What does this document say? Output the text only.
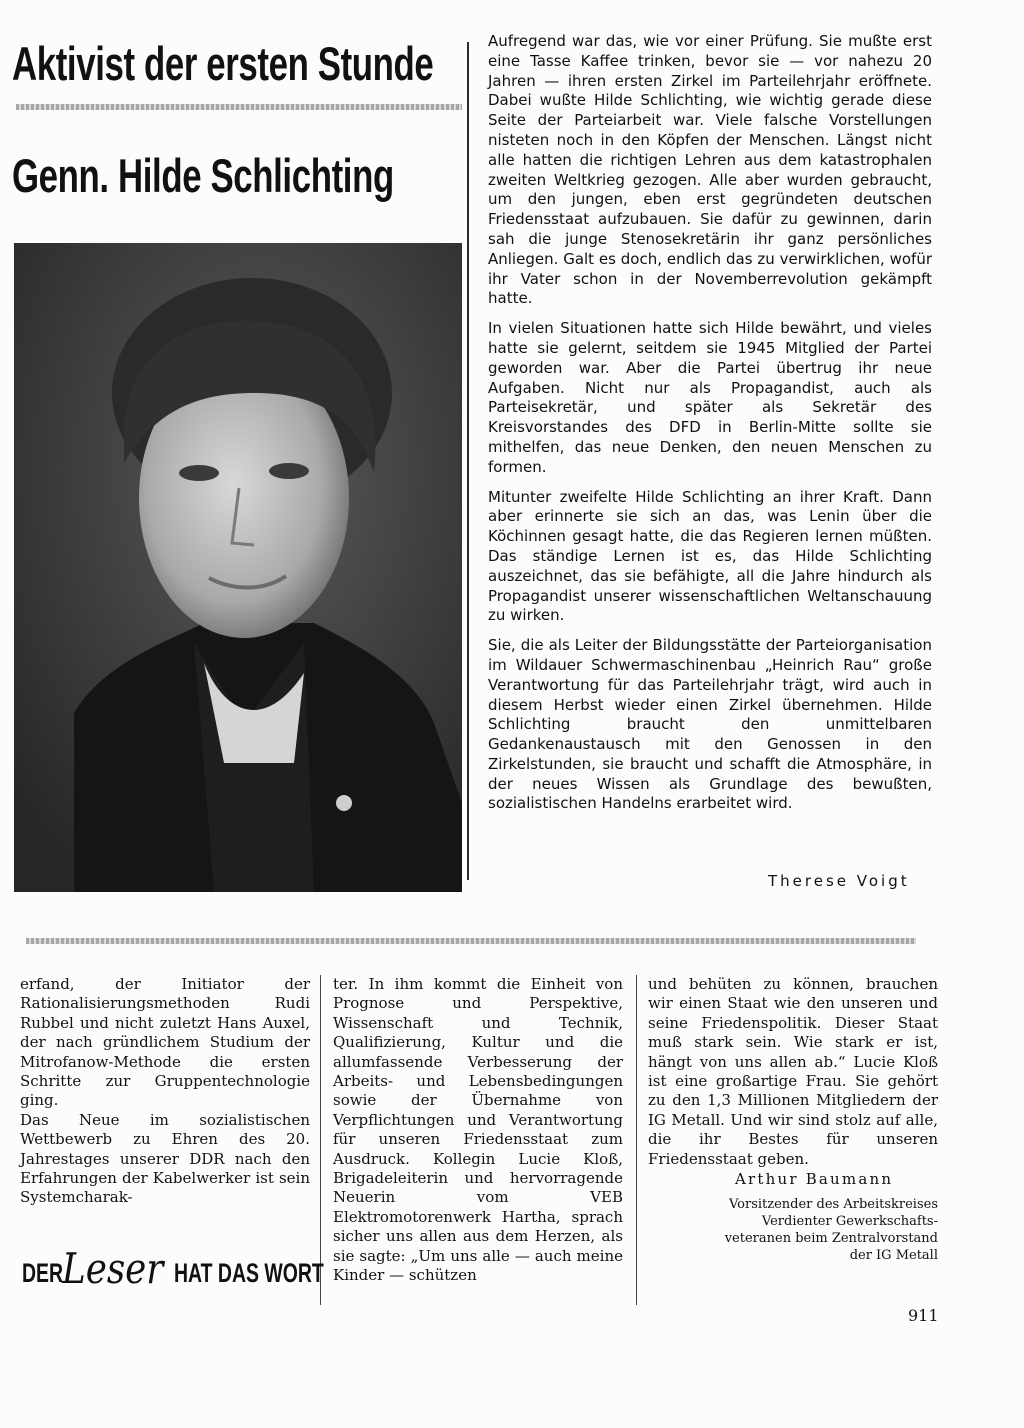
Aktivist der ersten Stunde
Genn. Hilde Schlichting

Aufregend war das, wie vor einer Prüfung. Sie mußte erst eine Tasse Kaffee trinken, bevor sie — vor nahezu 20 Jahren — ihren ersten Zirkel im Parteilehrjahr eröffnete. Dabei wußte Hilde Schlichting, wie wichtig gerade diese Seite der Parteiarbeit war. Viele falsche Vorstellungen nisteten noch in den Köpfen der Menschen. Längst nicht alle hatten die richtigen Lehren aus dem katastrophalen zweiten Weltkrieg gezogen. Alle aber wurden gebraucht, um den jungen, eben erst gegründeten deutschen Friedensstaat aufzubauen. Sie dafür zu gewinnen, darin sah die junge Stenosekretärin ihr ganz persönliches Anliegen. Galt es doch, endlich das zu verwirklichen, wofür ihr Vater schon in der Novemberrevolution gekämpft hatte.

In vielen Situationen hatte sich Hilde bewährt, und vieles hatte sie gelernt, seitdem sie 1945 Mitglied der Partei geworden war. Aber die Partei übertrug ihr neue Aufgaben. Nicht nur als Propagandist, auch als Parteisekretär, und später als Sekretär des Kreisvorstandes des DFD in Berlin-Mitte sollte sie mithelfen, das neue Denken, den neuen Menschen zu formen.

Mitunter zweifelte Hilde Schlichting an ihrer Kraft. Dann aber erinnerte sie sich an das, was Lenin über die Köchinnen gesagt hatte, die das Regieren lernen müßten. Das ständige Lernen ist es, das Hilde Schlichting auszeichnet, das sie befähigte, all die Jahre hindurch als Propagandist unserer wissenschaftlichen Weltanschauung zu wirken.

Sie, die als Leiter der Bildungsstätte der Parteiorganisation im Wildauer Schwermaschinenbau „Heinrich Rau“ große Verantwortung für das Parteilehrjahr trägt, wird auch in diesem Herbst wieder einen Zirkel übernehmen. Hilde Schlichting braucht den unmittelbaren Gedankenaustausch mit den Genossen in den Zirkelstunden, sie braucht und schafft die Atmosphäre, in der neues Wissen als Grundlage des bewußten, sozialistischen Handelns erarbeitet wird.

Therese Voigt

erfand, der Initiator der Rationalisierungsmethoden Rudi Rubbel und nicht zuletzt Hans Auxel, der nach gründlichem Studium der Mitrofanow-Methode die ersten Schritte zur Gruppentechnologie ging.

Das Neue im sozialistischen Wettbewerb zu Ehren des 20. Jahrestages unserer DDR nach den Erfahrungen der Kabelwerker ist sein Systemcharak-

ter. In ihm kommt die Einheit von Prognose und Perspektive, Wissenschaft und Technik, Qualifizierung, Kultur und die allumfassende Verbesserung der Arbeits- und Lebensbedingungen sowie der Übernahme von Verpflichtungen und Verantwortung für unseren Friedensstaat zum Ausdruck. Kollegin Lucie Kloß, Brigadeleiterin und hervorragende Neuerin vom VEB Elektromotorenwerk Hartha, sprach sicher uns allen aus dem Herzen, als sie sagte: „Um uns alle — auch meine Kinder — schützen

und behüten zu können, brauchen wir einen Staat wie den unseren und seine Friedenspolitik. Dieser Staat muß stark sein. Wie stark er ist, hängt von uns allen ab.“ Lucie Kloß ist eine großartige Frau. Sie gehört zu den 1,3 Millionen Mitgliedern der IG Metall. Und wir sind stolz auf alle, die ihr Bestes für unseren Friedensstaat geben.

Arthur Baumann

Vorsitzender des Arbeitskreises

Verdienter Gewerkschafts-

veteranen beim Zentralvorstand

der IG Metall

DER
Leser HAT DAS WORT
911
